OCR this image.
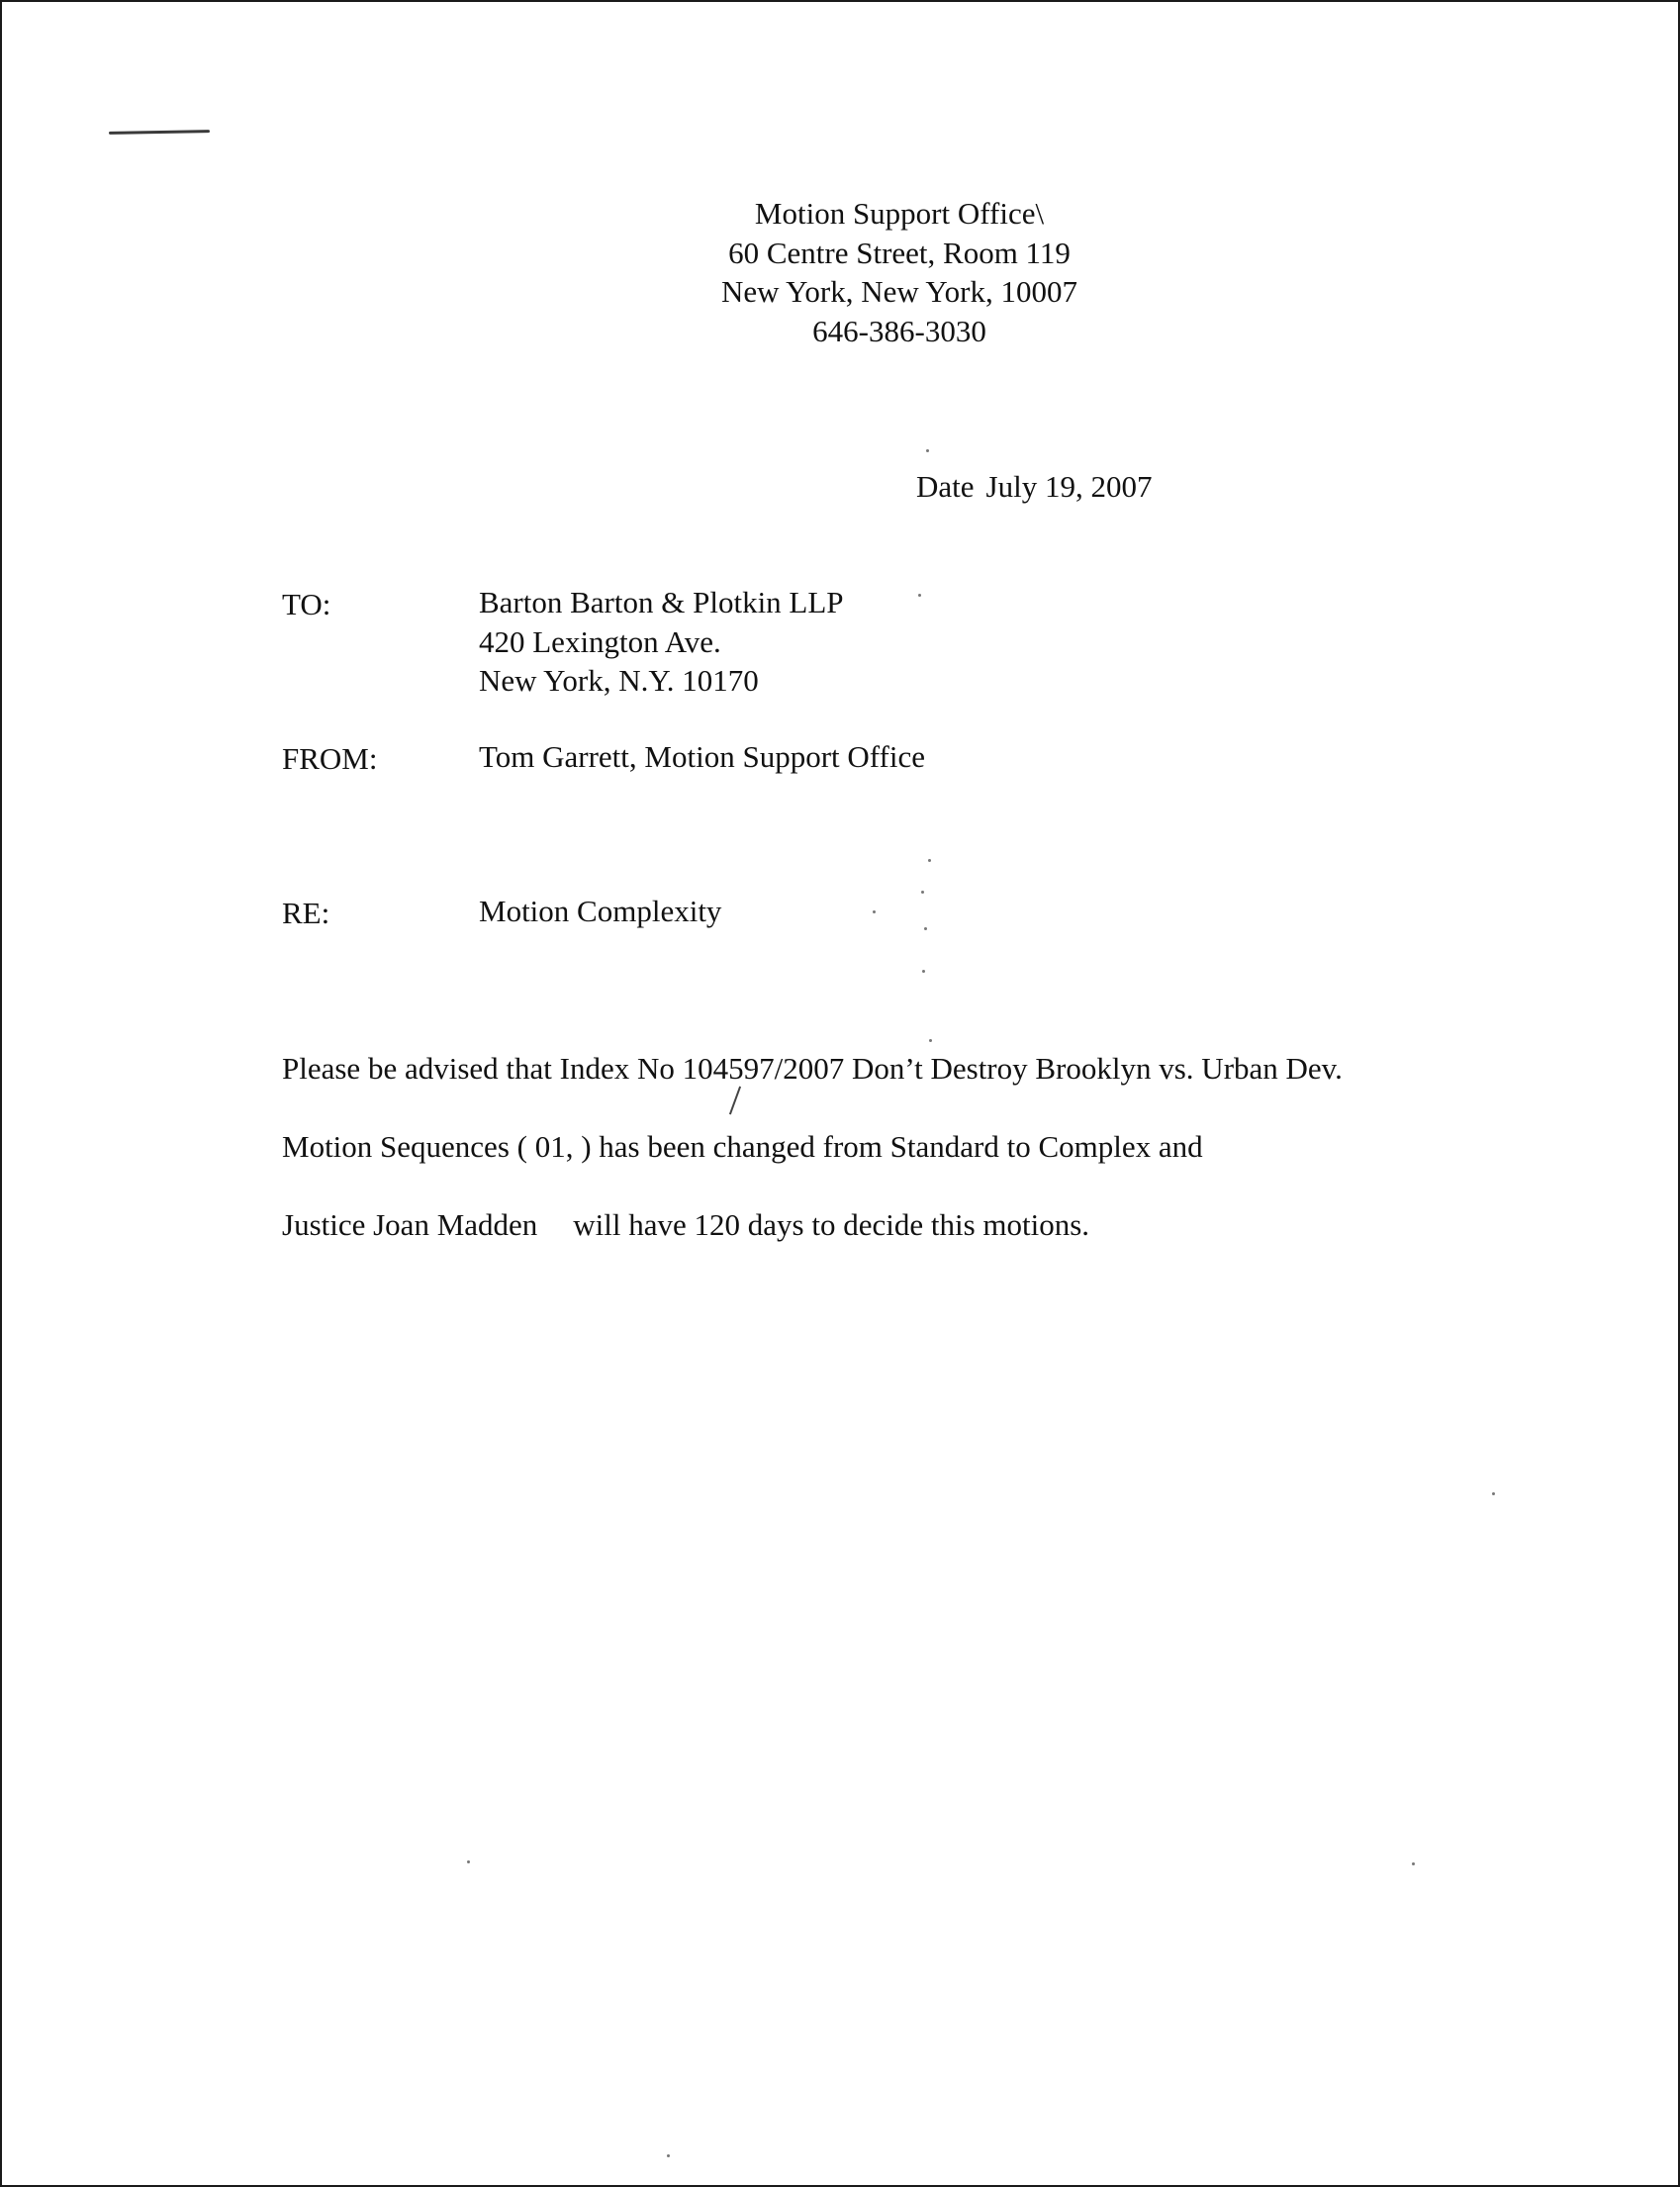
Motion Support Office\
60 Centre Street, Room 119
New York, New York, 10007
646-386-3030
Date July 19, 2007
TO:	Barton Barton & Plotkin LLP
420 Lexington Ave.
New York, N.Y. 10170
FROM:	Tom Garrett, Motion Support Office
RE:	Motion Complexity
Please be advised that Index No 104597/2007 Don’t Destroy Brooklyn vs. Urban Dev.
Motion Sequences ( 01, ) has been changed from Standard to Complex and
Justice Joan Madden will have 120 days to decide this motions.
